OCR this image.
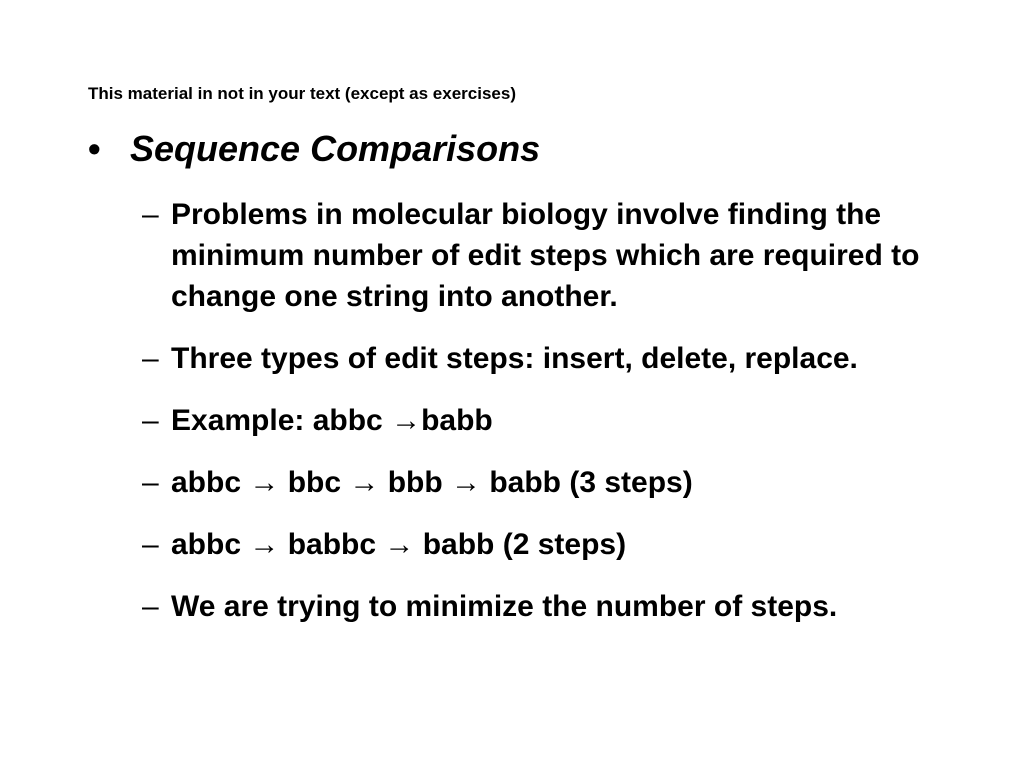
This material in not in your text (except as exercises)
• Sequence Comparisons
– Problems in molecular biology involve finding the minimum number of edit steps which are required to change one string into another.
– Three types of edit steps: insert, delete, replace.
– Example: abbc →babb
– abbc → bbc → bbb → babb (3 steps)
– abbc → babbc → babb (2 steps)
– We are trying to minimize the number of steps.
